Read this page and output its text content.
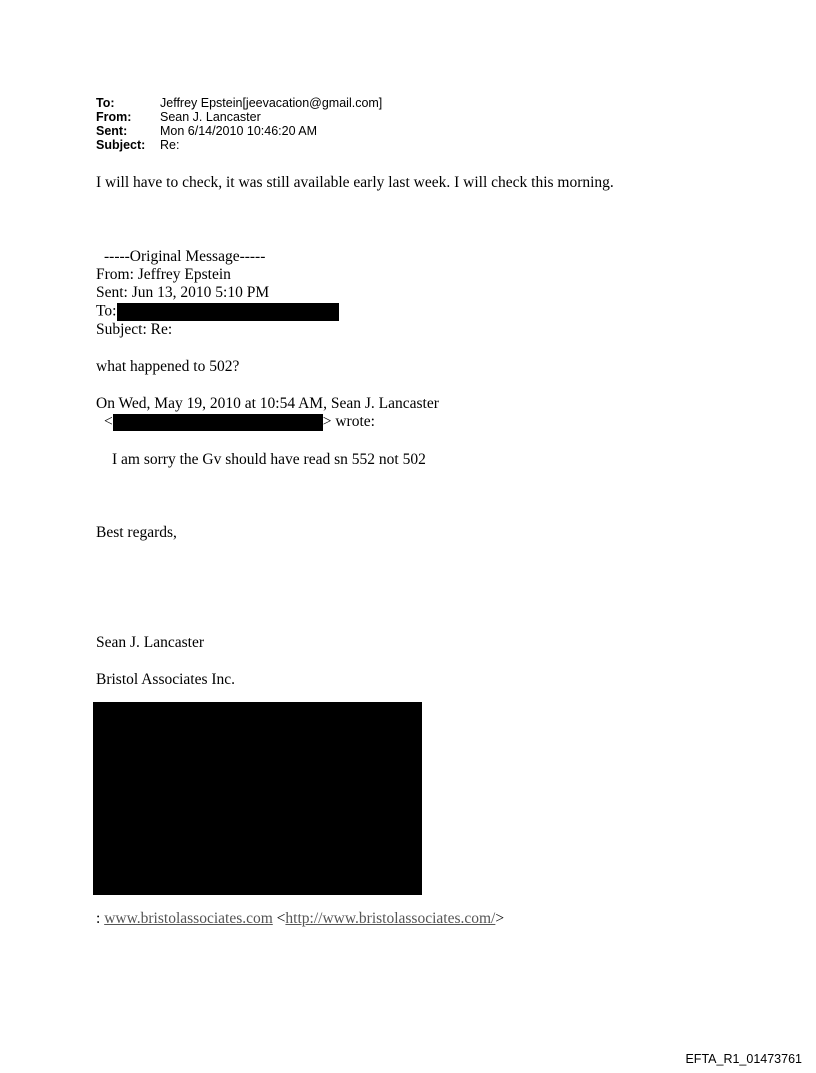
To:	Jeffrey Epstein[jeevacation@gmail.com]
From:	Sean J. Lancaster
Sent:	Mon 6/14/2010 10:46:20 AM
Subject:	Re:
I will have to check, it was still available early last week. I will check this morning.
-----Original Message-----
From: Jeffrey Epstein
Sent: Jun 13, 2010 5:10 PM
To:
Subject: Re:
what happened to 502?
On Wed, May 19, 2010 at 10:54 AM, Sean J. Lancaster
<	> wrote:
I am sorry the Gv should have read sn 552 not 502
Best regards,
Sean J. Lancaster
Bristol Associates Inc.
: www.bristolassociates.com <http://www.bristolassociates.com/>
EFTA_R1_01473761
